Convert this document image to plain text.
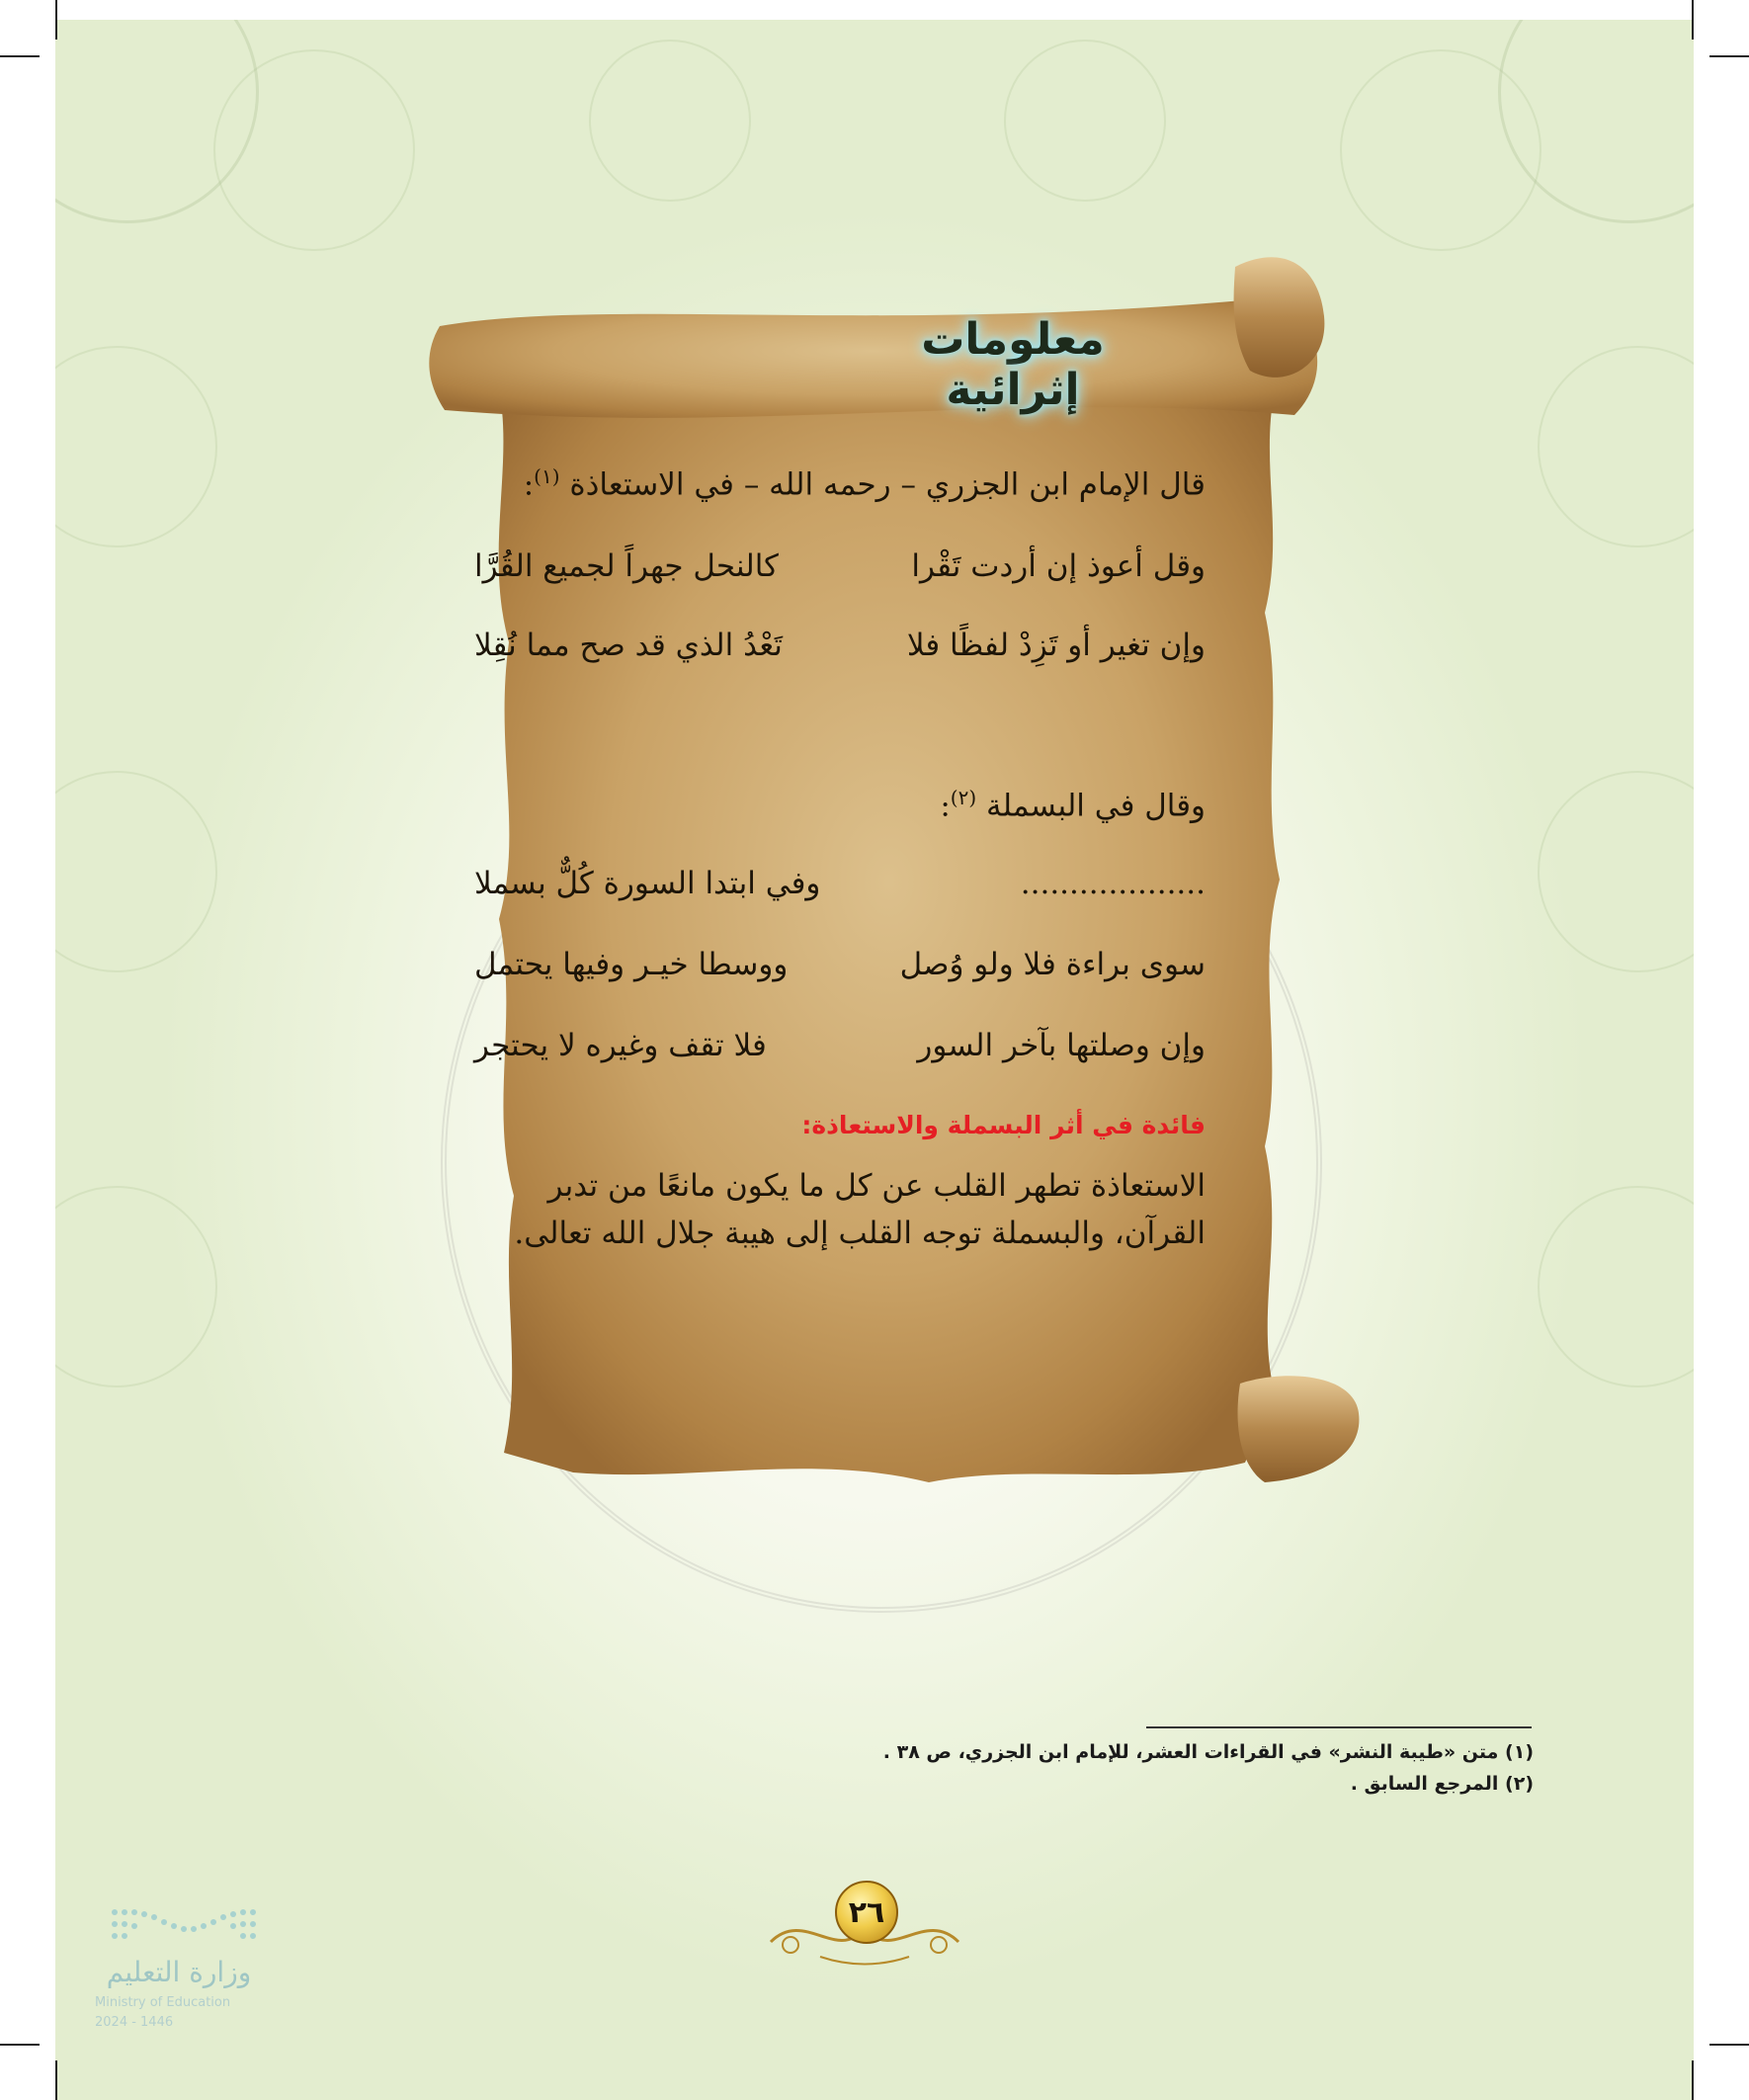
معلومات إثرائية
قال الإمام ابن الجزري – رحمه الله – في الاستعاذة $^{(١)}$:
وقل أعوذ إن أردت تَقْرا
كالنحل جهراً لجميع القُرَّا
وإن تغير أو تَزِدْ لفظًا فلا
تَعْدُ الذي قد صح مما نُقِلا
وقال في البسملة $^{(٢)}$:
...................
وفي ابتدا السورة كُلٌّ بسملا
سوى براءة فلا ولو وُصل
ووسطا خيـر وفيها يحتمل
وإن وصلتها بآخر السور
فلا تقف وغيره لا يحتجر
فائدة في أثر البسملة والاستعاذة:
الاستعاذة تطهر القلب عن كل ما يكون مانعًا من تدبر القرآن، والبسملة توجه القلب إلى هيبة جلال الله تعالى.
(١) متن «طيبة النشر» في القراءات العشر، للإمام ابن الجزري، ص ٣٨ .
(٢) المرجع السابق .
٢٦
وزارة التعليم
Ministry of Education
2024 - 1446
